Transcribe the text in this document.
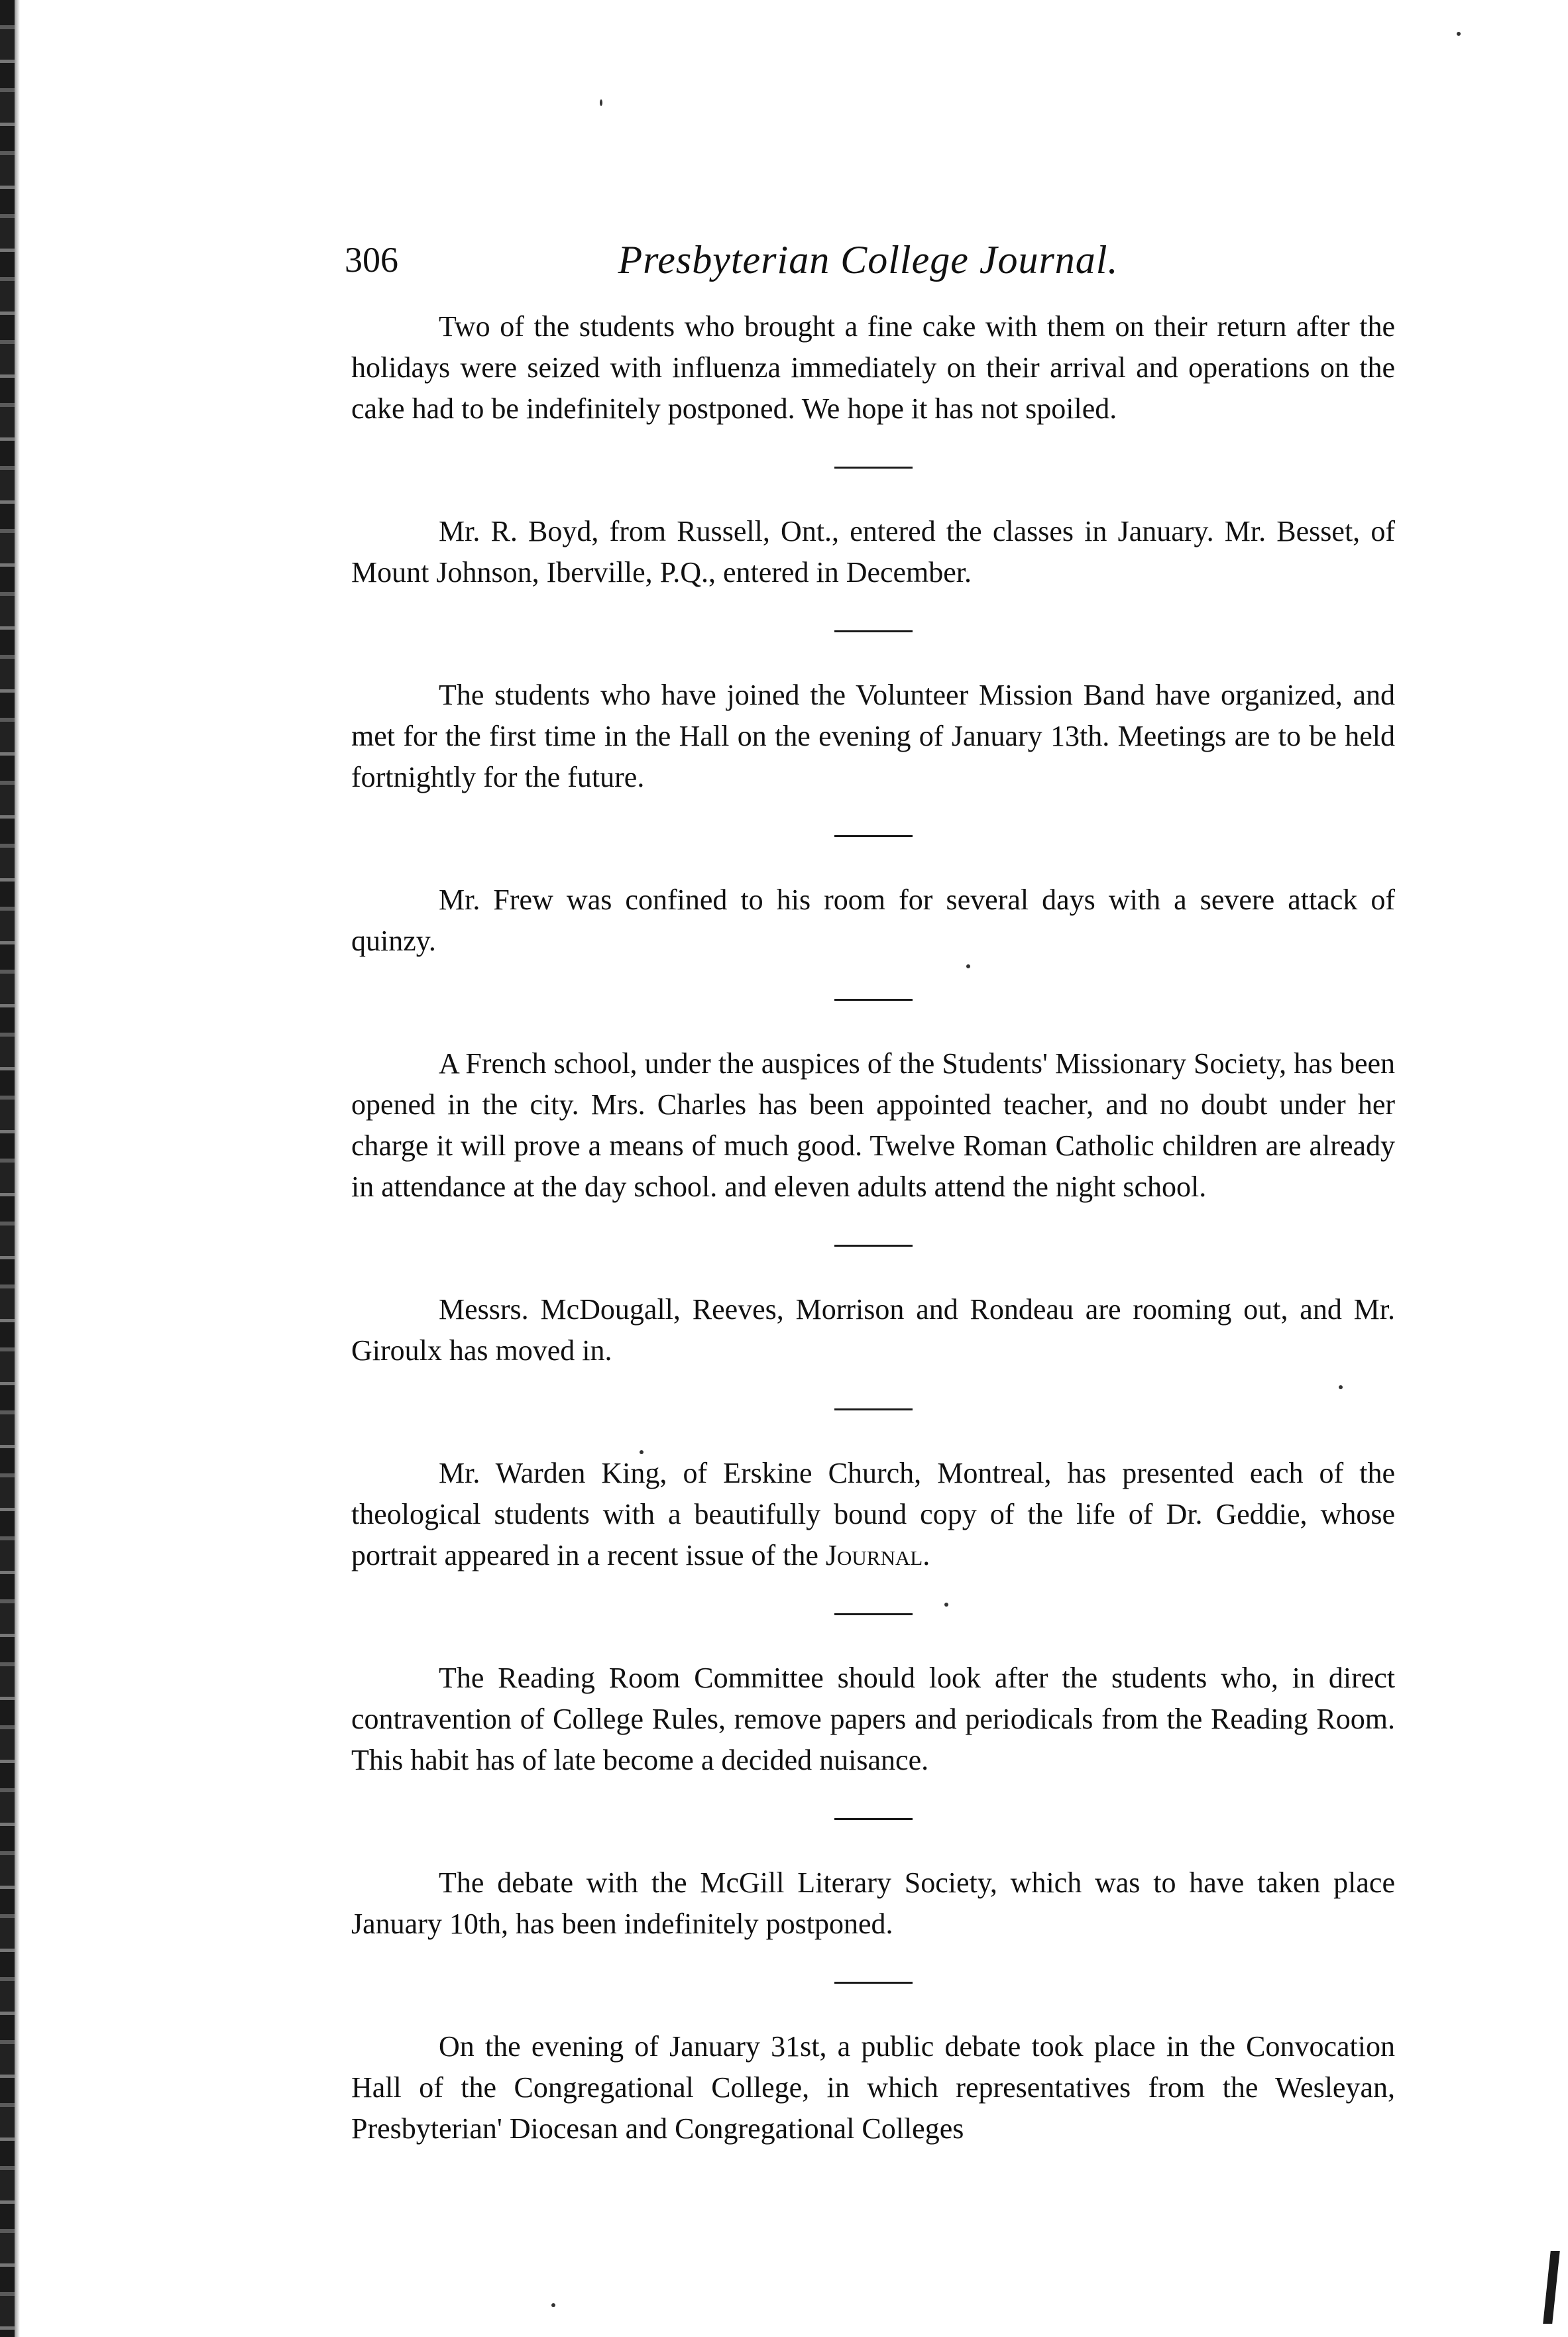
306	Presbyterian College Journal.

Two of the students who brought a fine cake with them on their return after the holidays were seized with influenza immediately on their arrival and operations on the cake had to be indefinitely postponed. We hope it has not spoiled.

Mr. R. Boyd, from Russell, Ont., entered the classes in January. Mr. Besset, of Mount Johnson, Iberville, P.Q., entered in December.

The students who have joined the Volunteer Mission Band have organized, and met for the first time in the Hall on the evening of January 13th. Meetings are to be held fortnightly for the future.

Mr. Frew was confined to his room for several days with a severe attack of quinzy.

A French school, under the auspices of the Students' Missionary Society, has been opened in the city. Mrs. Charles has been appointed teacher, and no doubt under her charge it will prove a means of much good. Twelve Roman Catholic children are already in attendance at the day school. and eleven adults attend the night school.

Messrs. McDougall, Reeves, Morrison and Rondeau are rooming out, and Mr. Giroulx has moved in.

Mr. Warden King, of Erskine Church, Montreal, has presented each of the theological students with a beautifully bound copy of the life of Dr. Geddie, whose portrait appeared in a recent issue of the Journal.

The Reading Room Committee should look after the students who, in direct contravention of College Rules, remove papers and periodicals from the Reading Room. This habit has of late become a decided nuisance.

The debate with the McGill Literary Society, which was to have taken place January 10th, has been indefinitely postponed.

On the evening of January 31st, a public debate took place in the Convocation Hall of the Congregational College, in which representatives from the Wesleyan, Presbyterian' Diocesan and Congregational Colleges
